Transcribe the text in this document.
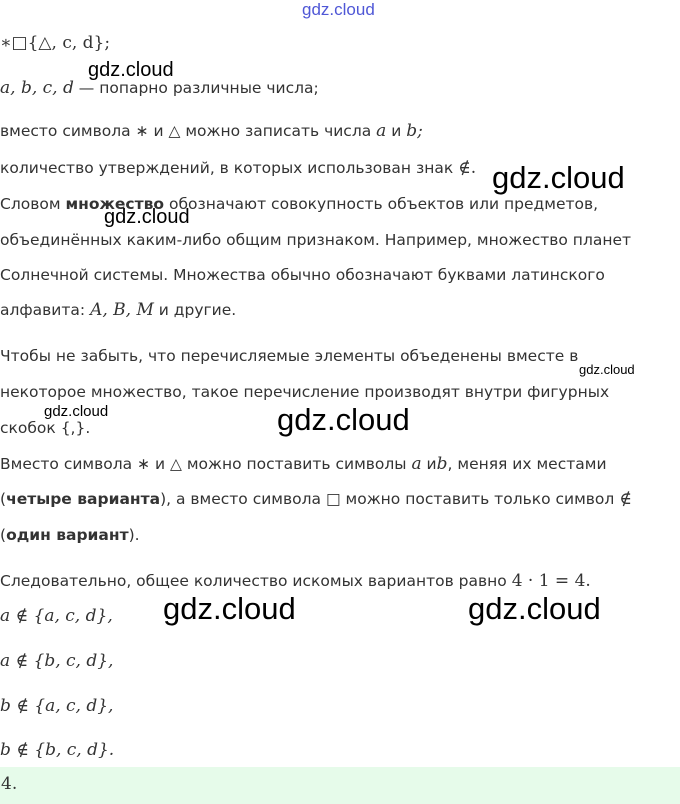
gdz.cloud
∗□{△, c, d};
a, b, c, d — попарно различные числа;
вместо символа ∗ и △ можно записать числа a и b;
количество утверждений, в которых использован знак ∉.
Словом множество обозначают совокупность объектов или предметов,
объединённых каким-либо общим признаком. Например, множество планет
Солнечной системы. Множества обычно обозначают буквами латинского
алфавита: A, B, M и другие.
Чтобы не забыть, что перечисляемые элементы объеденены вместе в
некоторое множество, такое перечисление производят внутри фигурных
скобок {,}.
Вместо символа ∗ и △ можно поставить символы a иb, меняя их местами
(четыре варианта), а вместо символа □ можно поставить только символ ∉
(один вариант).
Следовательно, общее количество искомых вариантов равно 4 · 1 = 4.
a ∉ {a, c, d},
a ∉ {b, c, d},
b ∉ {a, c, d},
b ∉ {b, c, d}.
4.
gdz.cloud
gdz.cloud
gdz.cloud
gdz.cloud
gdz.cloud	gdz.cloud
gdz.cloud	gdz.cloud
